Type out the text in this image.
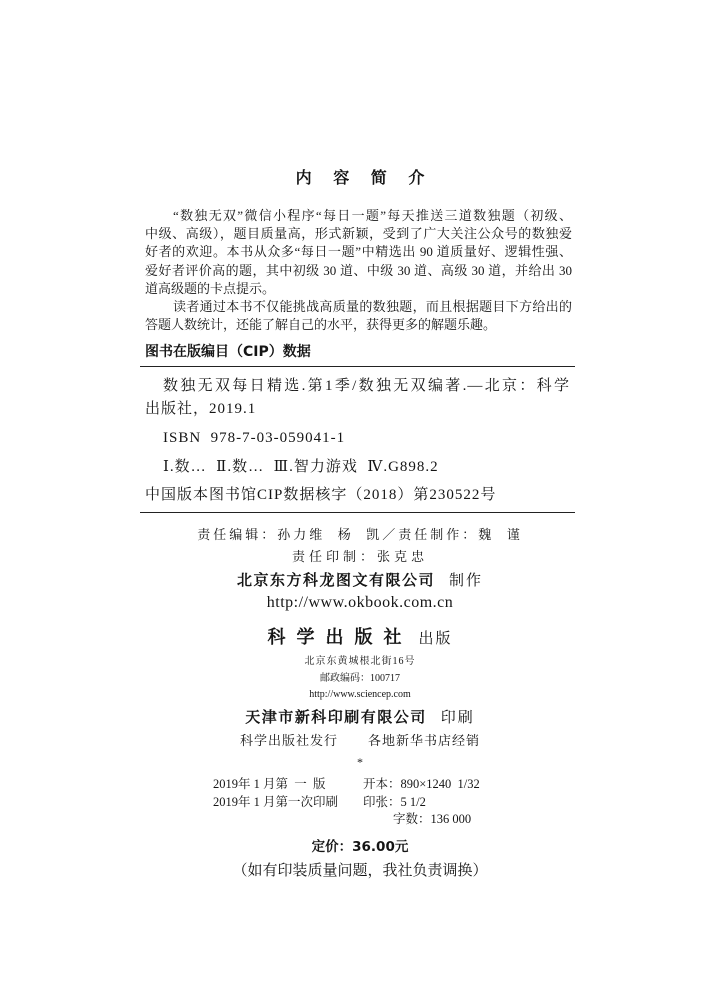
内 容 简 介
“数独无双”微信小程序“每日一题”每天推送三道数独题（初级、
中级、高级），题目质量高，形式新颖，受到了广大关注公众号的数独爱
好者的欢迎。本书从众多“每日一题”中精选出 90 道质量好、逻辑性强、
爱好者评价高的题，其中初级 30 道、中级 30 道、高级 30 道，并给出 30
道高级题的卡点提示。
读者通过本书不仅能挑战高质量的数独题，而且根据题目下方给出的
答题人数统计，还能了解自己的水平，获得更多的解题乐趣。
图书在版编目（CIP）数据
数独无双每日精选.第1季/数独无双编著.—北京：科学
出版社，2019.1
ISBN  978-7-03-059041-1
Ⅰ.数…  Ⅱ.数…  Ⅲ.智力游戏  Ⅳ.G898.2
中国版本图书馆CIP数据核字（2018）第230522号
责任编辑：孙力维  杨  凯／责任制作：魏  谨
责任印制：张克忠
北京东方科龙图文有限公司 制作
http://www.okbook.com.cn
科学出版社 出版
北京东黄城根北街16号
邮政编码：100717
http://www.sciencep.com
天津市新科印刷有限公司 印刷
科学出版社发行 各地新华书店经销
*
2019年 1 月第  一  版	开本：890×1240  1/32
2019年 1 月第一次印刷	印张：5 1/2
字数：136 000
定价：36.00元
（如有印装质量问题，我社负责调换）
